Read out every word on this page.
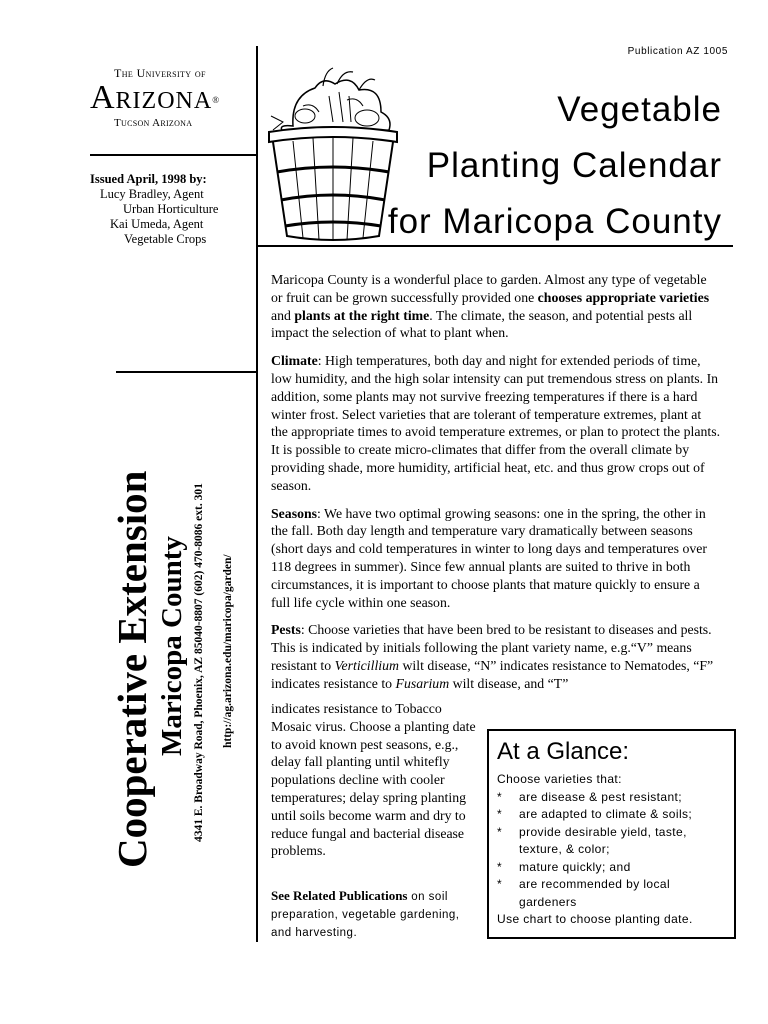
The University of
Arizona®
Tucson Arizona
Issued April, 1998 by:
Lucy Bradley, Agent
Urban Horticulture
Kai Umeda, Agent
Vegetable Crops
Cooperative Extension Maricopa County 4341 E. Broadway Road, Phoenix, AZ 85040-8807 (602) 470-8086 ext. 301 http://ag.arizona.edu/maricopa/garden/
Publication AZ 1005
Vegetable
Planting Calendar
for Maricopa County

Maricopa County is a wonderful place to garden. Almost any type of vegetable or fruit can be grown successfully provided one chooses appropriate varieties and plants at the right time. The climate, the season, and potential pests all impact the selection of what to plant when.

Climate: High temperatures, both day and night for extended periods of time, low humidity, and the high solar intensity can put tremendous stress on plants. In addition, some plants may not survive freezing temperatures if there is a hard winter frost. Select varieties that are tolerant of temperature extremes, plant at the appropriate times to avoid temperature extremes, or plan to protect the plants. It is possible to create micro-climates that differ from the overall climate by providing shade, more humidity, artificial heat, etc. and thus grow crops out of season.

Seasons: We have two optimal growing seasons: one in the spring, the other in the fall. Both day length and temperature vary dramatically between seasons (short days and cold temperatures in winter to long days and temperatures over 118 degrees in summer). Since few annual plants are suited to thrive in both circumstances, it is important to choose plants that mature quickly to ensure a full life cycle within one season.

Pests: Choose varieties that have been bred to be resistant to diseases and pests. This is indicated by initials following the plant variety name, e.g.“V” means resistant to Verticillium wilt disease, “N” indicates resistance to Nematodes, “F” indicates resistance to Fusarium wilt disease, and “T”

indicates resistance to Tobacco Mosaic virus. Choose a planting date to avoid known pest seasons, e.g., delay fall planting until whitefly populations decline with cooler temperatures; delay spring planting until soils become warm and dry to reduce fungal and bacterial disease problems.

See Related Publications on soil preparation, vegetable gardening, and harvesting.
At a Glance:
Choose varieties that:
* are disease & pest resistant;
* are adapted to climate & soils;
* provide desirable yield, taste, texture, & color;
* mature quickly; and
* are recommended by local gardeners
Use chart to choose planting date.
